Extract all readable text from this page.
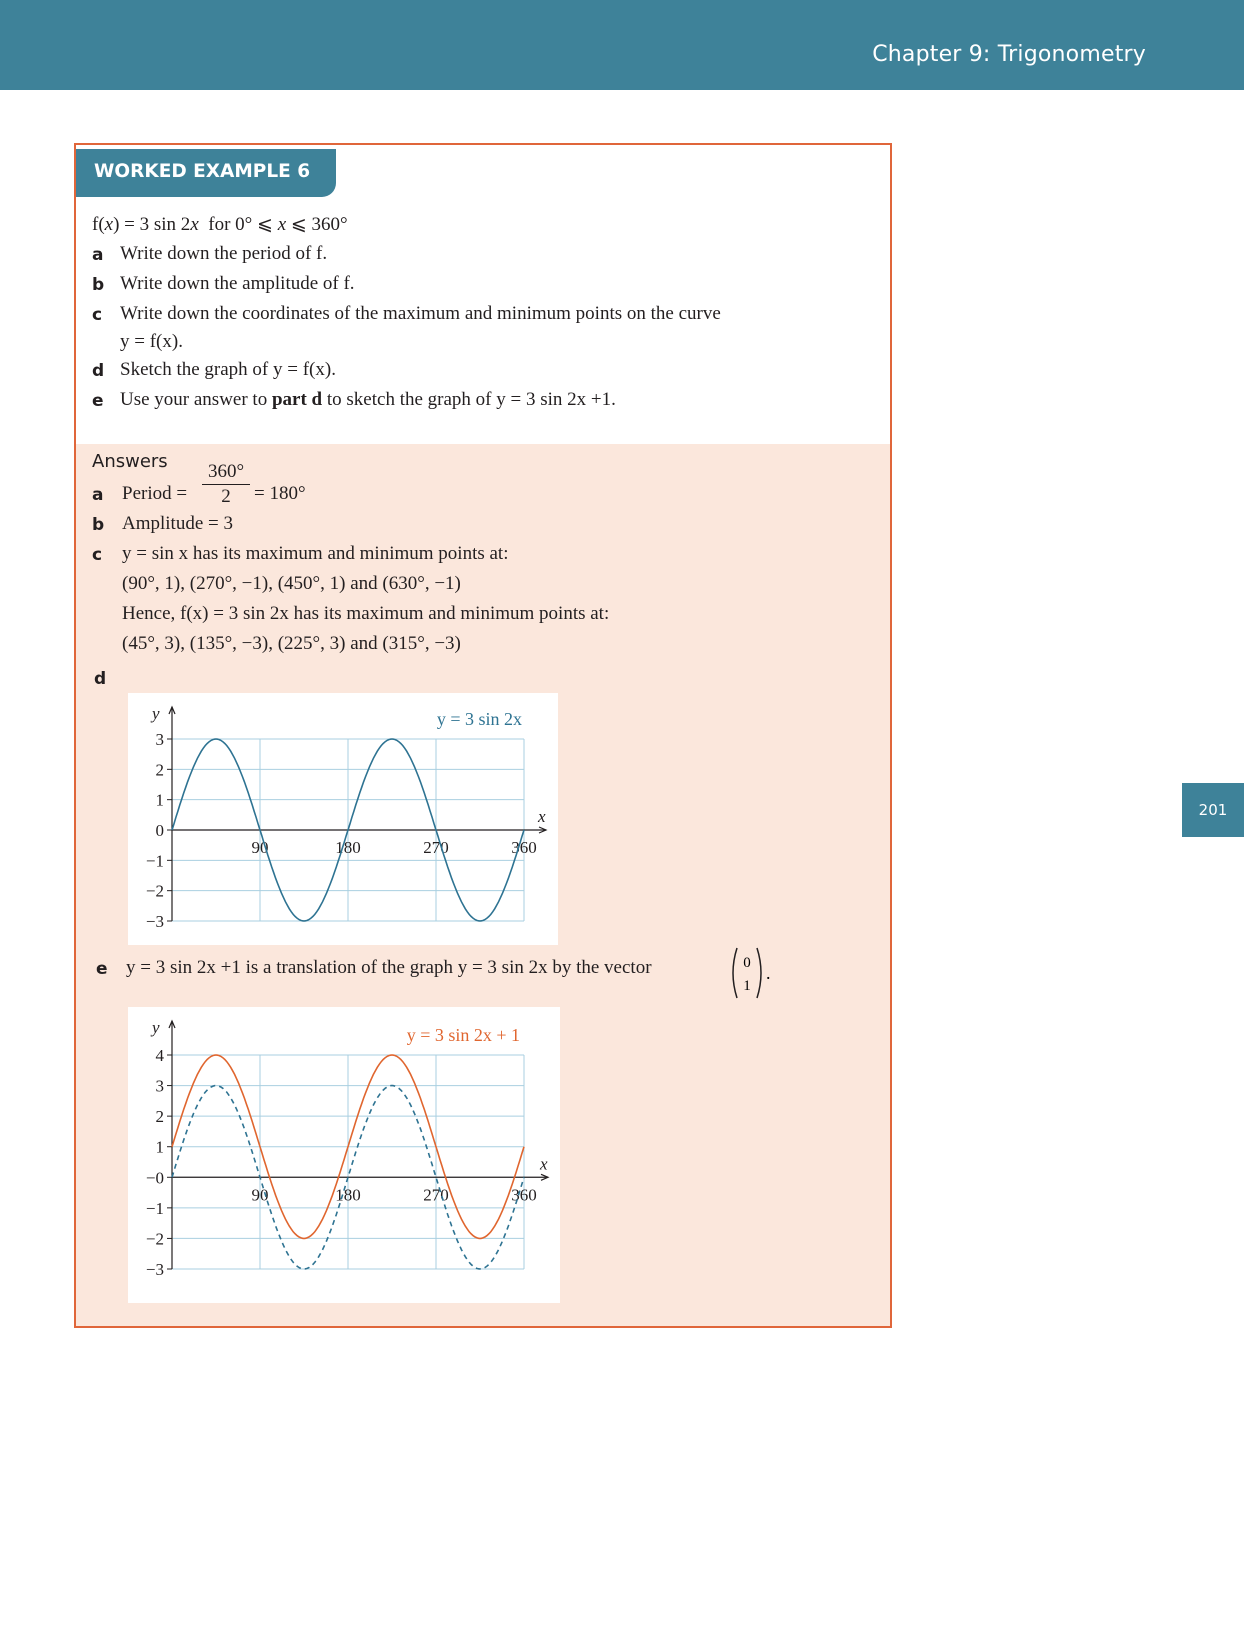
Chapter 9: Trigonometry
201
WORKED EXAMPLE 6
f(x) = 3 sin 2x for 0° ⩽ x ⩽ 360°
a Write down the period of f.
b Write down the amplitude of f.
c Write down the coordinates of the maximum and minimum points on the curve
y = f(x).
d Sketch the graph of y = f(x).
e Use your answer to part d to sketch the graph of y = 3 sin 2x +1.
Answers
a Period = $\frac{360^\circ}{2} = 180^\circ$
b Amplitude = 3
c y = sin x has its maximum and minimum points at:
(90°, 1), (270°, −1), (450°, 1) and (630°, −1)
Hence, f(x) = 3 sin 2x has its maximum and minimum points at:
(45°, 3), (135°, −3), (225°, 3) and (315°, −3)
d
3
2
1
0
−1
−2
−3
90	180	270	360
x
y	y = 3 sin 2x
e y = 3 sin 2x +1 is a translation of the graph y = 3 sin 2x by the vector	0
1
.
4
3
2
1
−0
−1
−2
−3
90	180	270	360
x
y	y = 3 sin 2x + 1
